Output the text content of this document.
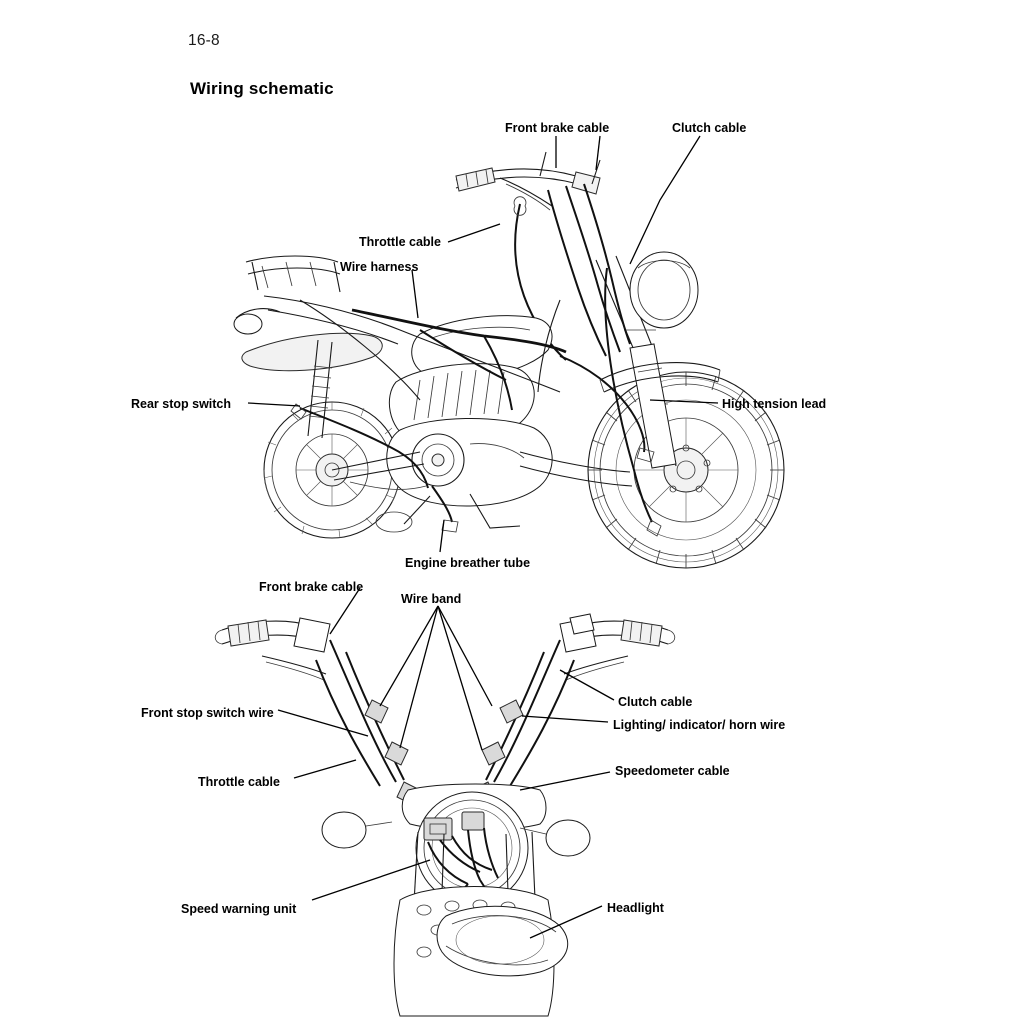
16-8
Wiring schematic
Front brake cable	Clutch cable
Throttle cable
Wire harness
Rear stop switch	High tension lead
Engine breather tube
Front brake cable
Wire band
Clutch cable
Lighting/ indicator/ horn wire
Front stop switch wire
Throttle cable
Speedometer cable
Speed warning unit	Headlight
